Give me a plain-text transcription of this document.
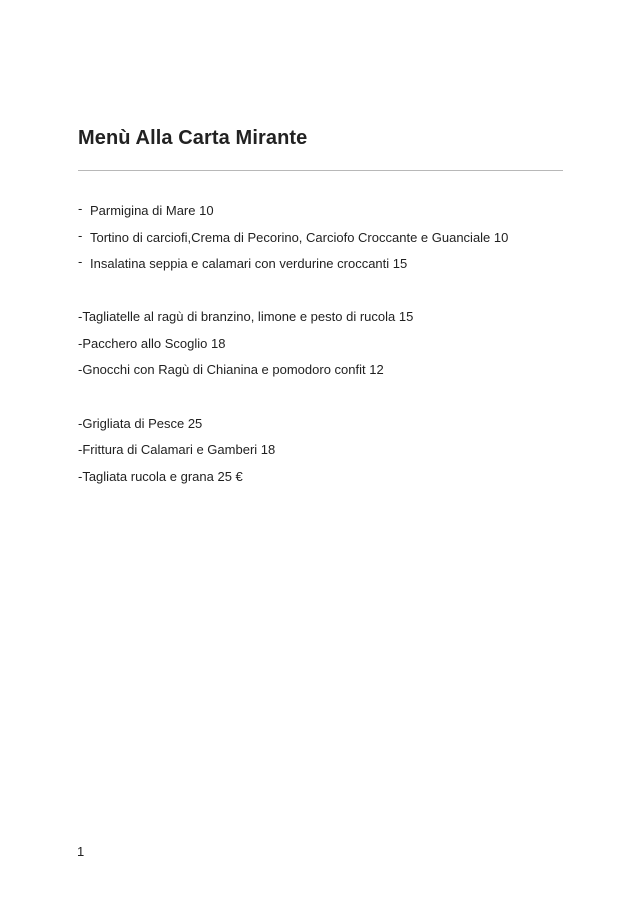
Menù Alla Carta Mirante
- Parmigina di Mare 10
- Tortino di carciofi,Crema di Pecorino, Carciofo Croccante e Guanciale 10
- Insalatina seppia e calamari con verdurine croccanti 15
-Tagliatelle al ragù di branzino, limone e pesto di rucola 15
-Pacchero allo Scoglio 18
-Gnocchi con Ragù di Chianina e pomodoro confit 12
-Grigliata di Pesce 25
-Frittura di Calamari e Gamberi 18
-Tagliata rucola e grana 25 €
1
